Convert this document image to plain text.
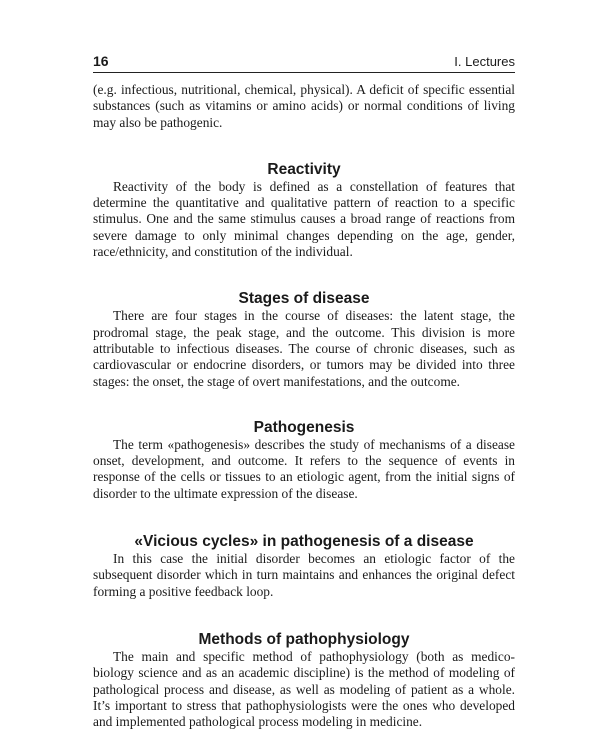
16	I. Lectures

(e.g. infectious, nutritional, chemical, physical). A deficit of specific essential substances (such as vitamins or amino acids) or normal conditions of living may also be pathogenic.

Reactivity

Reactivity of the body is defined as a constellation of features that determine the quantitative and qualitative pattern of reaction to a specific stimulus. One and the same stimulus causes a broad range of reactions from severe damage to only minimal changes depending on the age, gender, race/ethnicity, and constitution of the individual.

Stages of disease

There are four stages in the course of diseases: the latent stage, the prodromal stage, the peak stage, and the outcome. This division is more attributable to infectious diseases. The course of chronic diseases, such as cardiovascular or endocrine disorders, or tumors may be divided into three stages: the onset, the stage of overt manifestations, and the outcome.

Pathogenesis

The term «pathogenesis» describes the study of mechanisms of a disease onset, development, and outcome. It refers to the sequence of events in response of the cells or tissues to an etiologic agent, from the initial signs of disorder to the ultimate expression of the disease.

«Vicious cycles» in pathogenesis of a disease

In this case the initial disorder becomes an etiologic factor of the subsequent disorder which in turn maintains and enhances the original defect forming a positive feedback loop.

Methods of pathophysiology

The main and specific method of pathophysiology (both as medico-biology science and as an academic discipline) is the method of modeling of pathological process and disease, as well as modeling of patient as a whole. It’s important to stress that pathophysiologists were the ones who developed and implemented pathological process modeling in medicine.
